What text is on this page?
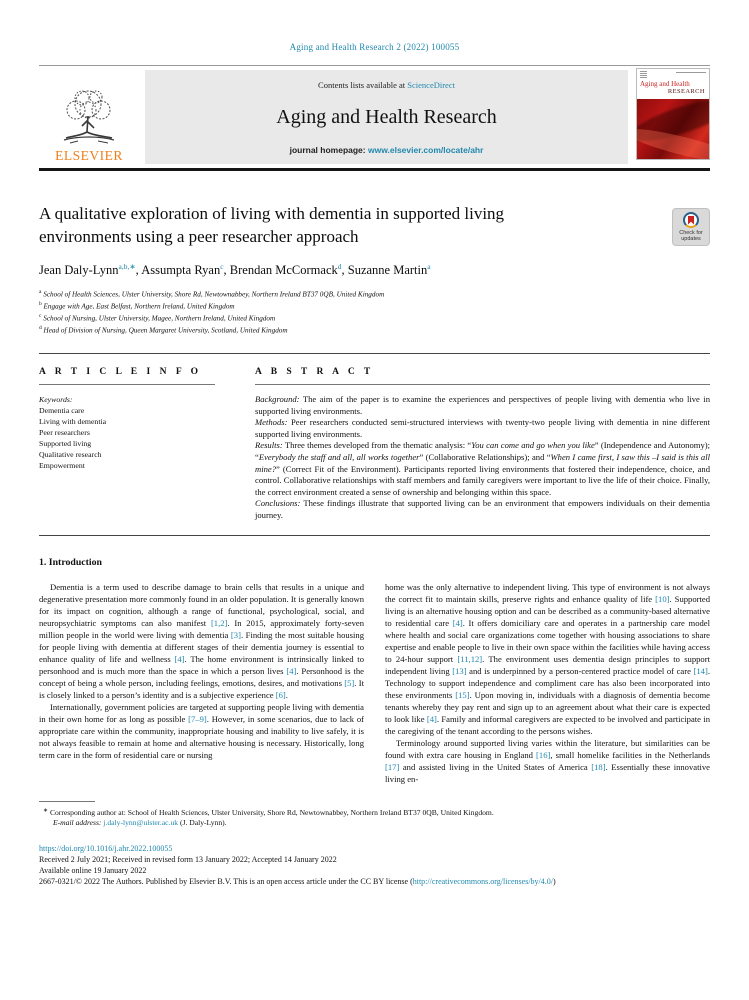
Aging and Health Research 2 (2022) 100055
ELSEVIER
Contents lists available at ScienceDirect
Aging and Health Research
journal homepage: www.elsevier.com/locate/ahr
Aging and Health
RESEARCH
A qualitative exploration of living with dementia in supported living environments using a peer researcher approach	Check for
updates
Jean Daly-Lynn$^{a,b,∗}$, Assumpta Ryan$^c$, Brendan McCormack$^d$, Suzanne Martin$^a$
$^a$ School of Health Sciences, Ulster University, Shore Rd, Newtownabbey, Northern Ireland BT37 0QB, United Kingdom
$^b$ Engage with Age, East Belfast, Northern Ireland, United Kingdom
$^c$ School of Nursing, Ulster University, Magee, Northern Ireland, United Kingdom
$^d$ Head of Division of Nursing, Queen Margaret University, Scotland, United Kingdom
A R T I C L E I N F O
Keywords:
Dementia care
Living with dementia
Peer researchers
Supported living
Qualitative research
Empowerment
A B S T R A C T
Background: The aim of the paper is to examine the experiences and perspectives of people living with dementia who live in supported living environments.
Methods: Peer researchers conducted semi-structured interviews with twenty-two people living with dementia in nine different supported living environments.
Results: Three themes developed from the thematic analysis: “You can come and go when you like” (Independence and Autonomy); “Everybody the staff and all, all works together” (Collaborative Relationships); and “When I came first, I saw this –I said is this all mine?” (Correct Fit of the Environment). Participants reported living environments that fostered their independence, choice, and control. Collaborative relationships with staff members and family caregivers were important to live the life of their choice. Finally, the correct environment created a sense of ownership and belonging within this space.
Conclusions: These findings illustrate that supported living can be an environment that empowers individuals on their dementia journey.
1. Introduction
Dementia is a term used to describe damage to brain cells that results in a unique and degenerative presentation more commonly found in an older population. It is generally known for its impact on cognition, although a range of functional, psychological, social, and neuropsychiatric symptoms can also manifest [1,2]. In 2015, approximately forty-seven million people in the world were living with dementia [3]. Finding the most suitable housing for people living with dementia at different stages of their dementia journey is essential to enhance quality of life and wellness [4]. The home environment is intrinsically linked to personhood and is much more than the space in which a person lives [4]. Personhood is the concept of being a whole person, including feelings, emotions, desires, and motivations [5]. It is closely linked to a person’s identity and is a subjective experience [6].
Internationally, government policies are targeted at supporting people living with dementia in their own home for as long as possible [7–9]. However, in some scenarios, due to lack of appropriate care within the community, inappropriate housing and inability to live safely, it is not always feasible to remain at home and alternative housing is necessary. Historically, long term care in the form of residential care or nursing
home was the only alternative to independent living. This type of environment is not always the correct fit to maintain skills, preserve rights and enhance quality of life [10]. Supported living is an alternative housing option and can be described as a community-based alternative to residential care [4]. It offers domiciliary care and operates in a partnership care model where health and social care organizations come together with housing associations to share expertise and enable people to live in their own space within the facilities while having access to 24-hour support [11,12]. The environment uses dementia design principles to support independent living [13] and is underpinned by a person-centered practice model of care [14]. Technology to support independence and compliment care has also been incorporated into these environments [15]. Upon moving in, individuals with a diagnosis of dementia become tenants whereby they pay rent and sign up to an agreement about what their care is expected to look like [4]. Family and informal caregivers are expected to be involved and participate in the caregiving of the tenant according to the persons wishes.
Terminology around supported living varies within the literature, but similarities can be found with extra care housing in England [16], small homelike facilities in the Netherlands [17] and assisted living in the United States of America [18]. Essentially these innovative living en-
∗ Corresponding author at: School of Health Sciences, Ulster University, Shore Rd, Newtownabbey, Northern Ireland BT37 0QB, United Kingdom.
E-mail address: j.daly-lynn@ulster.ac.uk (J. Daly-Lynn).
https://doi.org/10.1016/j.ahr.2022.100055
Received 2 July 2021; Received in revised form 13 January 2022; Accepted 14 January 2022
Available online 19 January 2022
2667-0321/© 2022 The Authors. Published by Elsevier B.V. This is an open access article under the CC BY license (http://creativecommons.org/licenses/by/4.0/)
